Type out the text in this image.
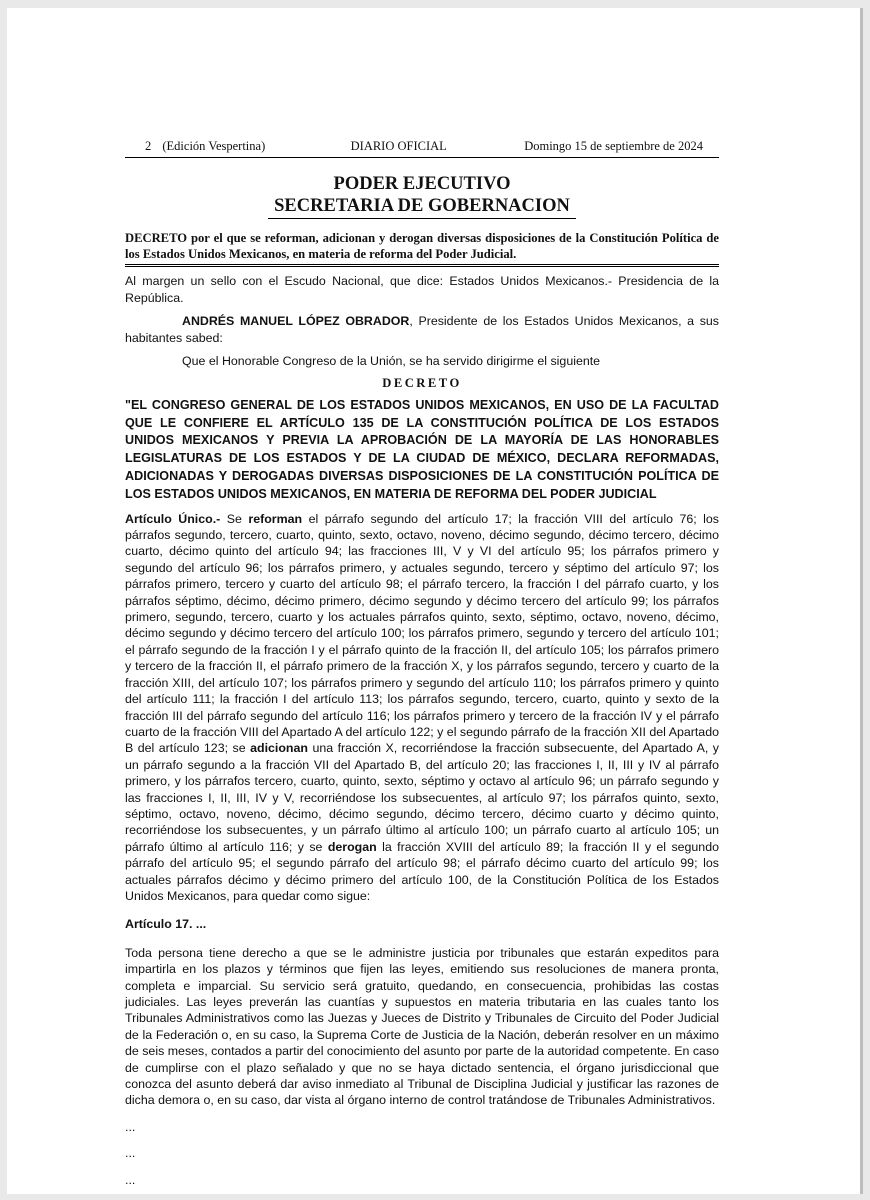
2 (Edición Vespertina)	DIARIO OFICIAL	Domingo 15 de septiembre de 2024
PODER EJECUTIVO
SECRETARIA DE GOBERNACION
DECRETO por el que se reforman, adicionan y derogan diversas disposiciones de la Constitución Política de los Estados Unidos Mexicanos, en materia de reforma del Poder Judicial.

Al margen un sello con el Escudo Nacional, que dice: Estados Unidos Mexicanos.- Presidencia de la República.

ANDRÉS MANUEL LÓPEZ OBRADOR, Presidente de los Estados Unidos Mexicanos, a sus habitantes sabed:

Que el Honorable Congreso de la Unión, se ha servido dirigirme el siguiente

DECRETO

"EL CONGRESO GENERAL DE LOS ESTADOS UNIDOS MEXICANOS, EN USO DE LA FACULTAD QUE LE CONFIERE EL ARTÍCULO 135 DE LA CONSTITUCIÓN POLÍTICA DE LOS ESTADOS UNIDOS MEXICANOS Y PREVIA LA APROBACIÓN DE LA MAYORÍA DE LAS HONORABLES LEGISLATURAS DE LOS ESTADOS Y DE LA CIUDAD DE MÉXICO, DECLARA REFORMADAS, ADICIONADAS Y DEROGADAS DIVERSAS DISPOSICIONES DE LA CONSTITUCIÓN POLÍTICA DE LOS ESTADOS UNIDOS MEXICANOS, EN MATERIA DE REFORMA DEL PODER JUDICIAL

Artículo Único.- Se reforman el párrafo segundo del artículo 17; la fracción VIII del artículo 76; los párrafos segundo, tercero, cuarto, quinto, sexto, octavo, noveno, décimo segundo, décimo tercero, décimo cuarto, décimo quinto del artículo 94; las fracciones III, V y VI del artículo 95; los párrafos primero y segundo del artículo 96; los párrafos primero, y actuales segundo, tercero y séptimo del artículo 97; los párrafos primero, tercero y cuarto del artículo 98; el párrafo tercero, la fracción I del párrafo cuarto, y los párrafos séptimo, décimo, décimo primero, décimo segundo y décimo tercero del artículo 99; los párrafos primero, segundo, tercero, cuarto y los actuales párrafos quinto, sexto, séptimo, octavo, noveno, décimo, décimo segundo y décimo tercero del artículo 100; los párrafos primero, segundo y tercero del artículo 101; el párrafo segundo de la fracción I y el párrafo quinto de la fracción II, del artículo 105; los párrafos primero y tercero de la fracción II, el párrafo primero de la fracción X, y los párrafos segundo, tercero y cuarto de la fracción XIII, del artículo 107; los párrafos primero y segundo del artículo 110; los párrafos primero y quinto del artículo 111; la fracción I del artículo 113; los párrafos segundo, tercero, cuarto, quinto y sexto de la fracción III del párrafo segundo del artículo 116; los párrafos primero y tercero de la fracción IV y el párrafo cuarto de la fracción VIII del Apartado A del artículo 122; y el segundo párrafo de la fracción XII del Apartado B del artículo 123; se adicionan una fracción X, recorriéndose la fracción subsecuente, del Apartado A, y un párrafo segundo a la fracción VII del Apartado B, del artículo 20; las fracciones I, II, III y IV al párrafo primero, y los párrafos tercero, cuarto, quinto, sexto, séptimo y octavo al artículo 96; un párrafo segundo y las fracciones I, II, III, IV y V, recorriéndose los subsecuentes, al artículo 97; los párrafos quinto, sexto, séptimo, octavo, noveno, décimo, décimo segundo, décimo tercero, décimo cuarto y décimo quinto, recorriéndose los subsecuentes, y un párrafo último al artículo 100; un párrafo cuarto al artículo 105; un párrafo último al artículo 116; y se derogan la fracción XVIII del artículo 89; la fracción II y el segundo párrafo del artículo 95; el segundo párrafo del artículo 98; el párrafo décimo cuarto del artículo 99; los actuales párrafos décimo y décimo primero del artículo 100, de la Constitución Política de los Estados Unidos Mexicanos, para quedar como sigue:

Artículo 17. ...

Toda persona tiene derecho a que se le administre justicia por tribunales que estarán expeditos para impartirla en los plazos y términos que fijen las leyes, emitiendo sus resoluciones de manera pronta, completa e imparcial. Su servicio será gratuito, quedando, en consecuencia, prohibidas las costas judiciales. Las leyes preverán las cuantías y supuestos en materia tributaria en las cuales tanto los Tribunales Administrativos como las Juezas y Jueces de Distrito y Tribunales de Circuito del Poder Judicial de la Federación o, en su caso, la Suprema Corte de Justicia de la Nación, deberán resolver en un máximo de seis meses, contados a partir del conocimiento del asunto por parte de la autoridad competente. En caso de cumplirse con el plazo señalado y que no se haya dictado sentencia, el órgano jurisdiccional que conozca del asunto deberá dar aviso inmediato al Tribunal de Disciplina Judicial y justificar las razones de dicha demora o, en su caso, dar vista al órgano interno de control tratándose de Tribunales Administrativos.

...
...
...
